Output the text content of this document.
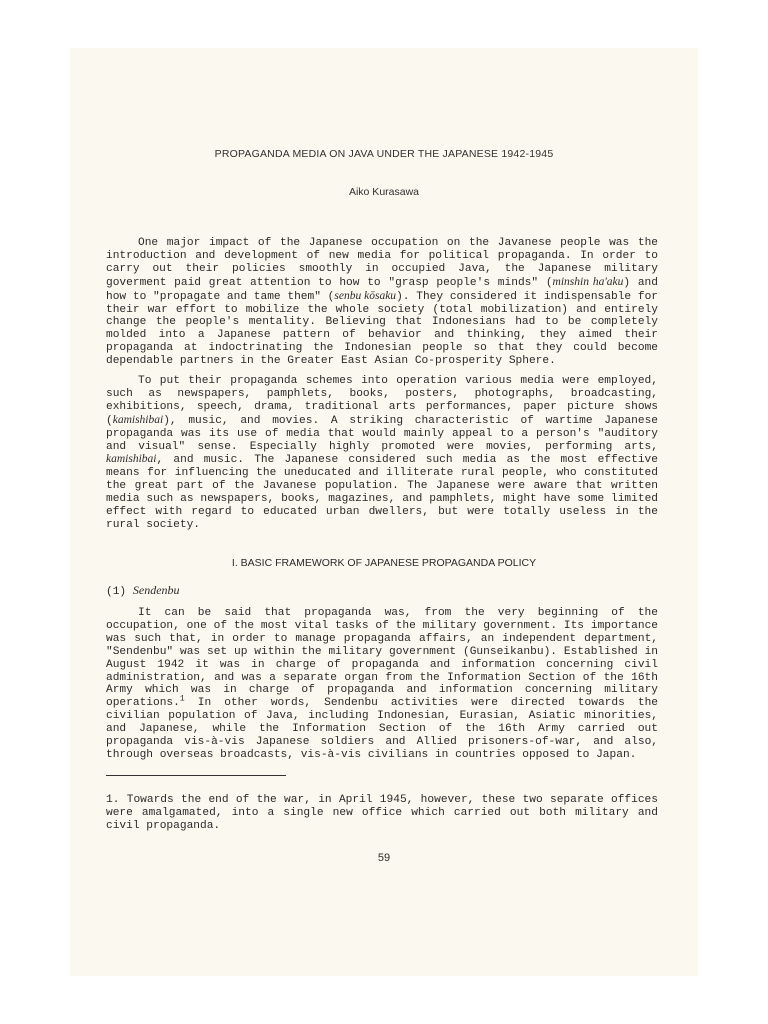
PROPAGANDA MEDIA ON JAVA UNDER THE JAPANESE 1942-1945
Aiko Kurasawa

One major impact of the Japanese occupation on the Javanese people was the introduction and development of new media for political propaganda. In order to carry out their policies smoothly in occupied Java, the Japanese military goverment paid great attention to how to "grasp people's minds" (minshin ha'aku) and how to "propagate and tame them" (senbu kōsaku). They considered it indispensable for their war effort to mobilize the whole society (total mobilization) and entirely change the people's mentality. Believing that Indonesians had to be completely molded into a Japanese pattern of behavior and thinking, they aimed their propaganda at indoctrinating the Indonesian people so that they could become dependable partners in the Greater East Asian Co-prosperity Sphere.

To put their propaganda schemes into operation various media were employed, such as newspapers, pamphlets, books, posters, photographs, broadcasting, exhibitions, speech, drama, traditional arts performances, paper picture shows (kamishibai), music, and movies. A striking characteristic of wartime Japanese propaganda was its use of media that would mainly appeal to a person's "auditory and visual" sense. Especially highly promoted were movies, performing arts, kamishibai, and music. The Japanese considered such media as the most effective means for influencing the uneducated and illiterate rural people, who constituted the great part of the Javanese population. The Japanese were aware that written media such as newspapers, books, magazines, and pamphlets, might have some limited effect with regard to educated urban dwellers, but were totally useless in the rural society.

I. BASIC FRAMEWORK OF JAPANESE PROPAGANDA POLICY
(1) Sendenbu

It can be said that propaganda was, from the very beginning of the occupation, one of the most vital tasks of the military government. Its importance was such that, in order to manage propaganda affairs, an independent department, "Sendenbu" was set up within the military government (Gunseikanbu). Established in August 1942 it was in charge of propaganda and information concerning civil administration, and was a separate organ from the Information Section of the 16th Army which was in charge of propaganda and information concerning military operations.$^1$ In other words, Sendenbu activities were directed towards the civilian population of Java, including Indonesian, Eurasian, Asiatic minorities, and Japanese, while the Information Section of the 16th Army carried out propaganda vis-à-vis Japanese soldiers and Allied prisoners-of-war, and also, through overseas broadcasts, vis-à-vis civilians in countries opposed to Japan.

1. Towards the end of the war, in April 1945, however, these two separate offices were amalgamated, into a single new office which carried out both military and civil propaganda.

59
